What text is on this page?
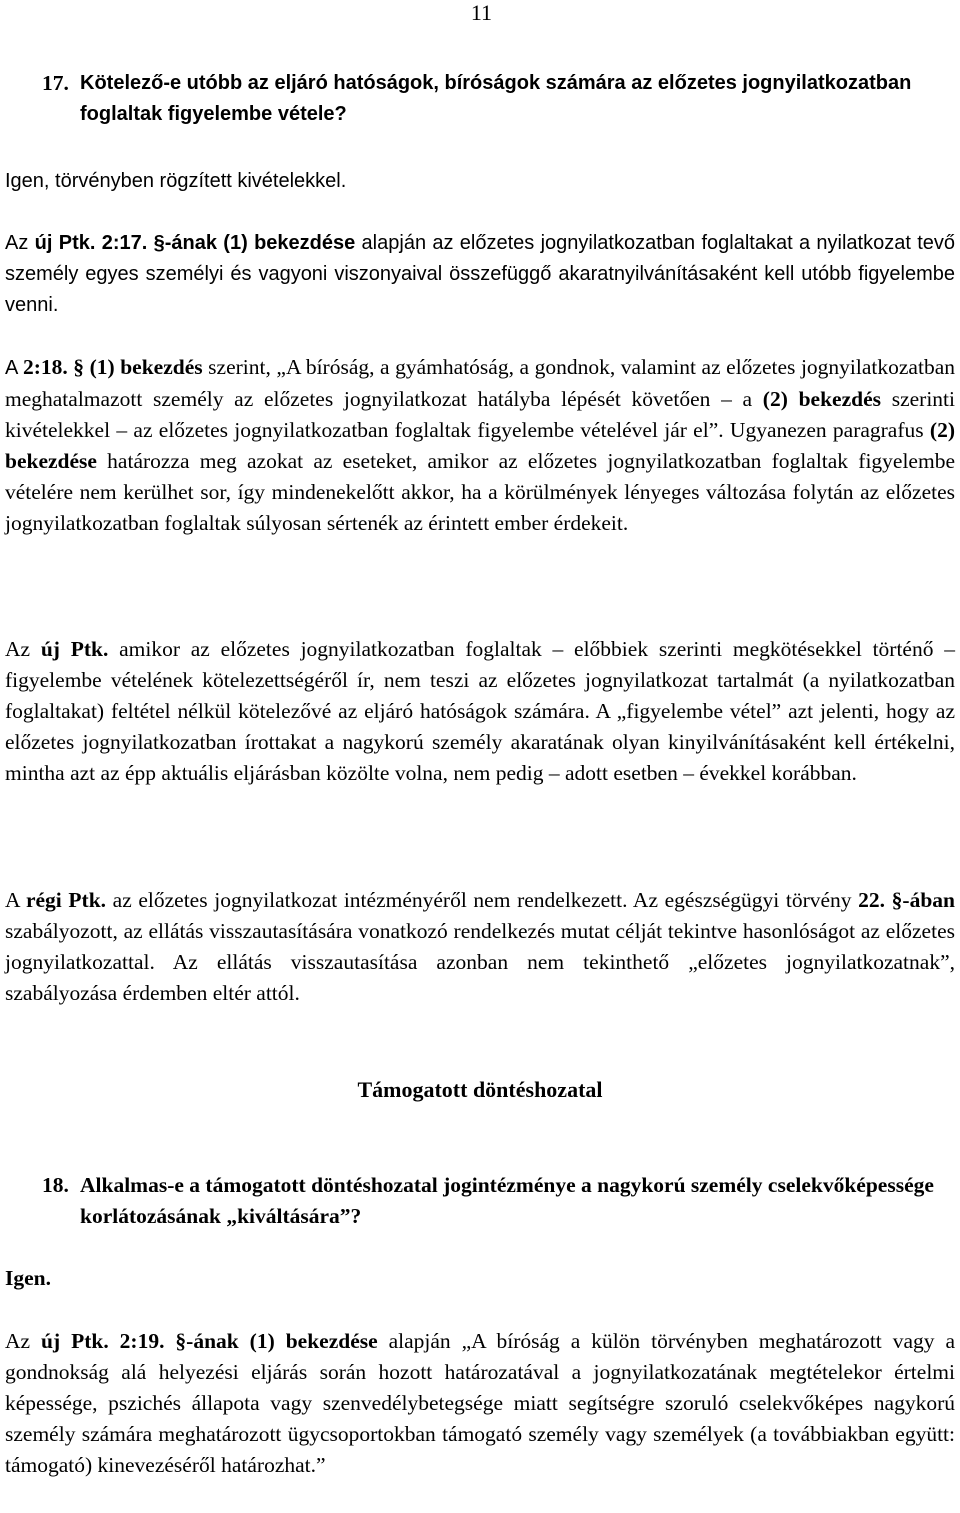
11
17. Kötelező-e utóbb az eljáró hatóságok, bíróságok számára az előzetes jognyilatkozatban foglaltak figyelembe vétele?

Igen, törvényben rögzített kivételekkel.

Az új Ptk. 2:17. §-ának (1) bekezdése alapján az előzetes jognyilatkozatban foglaltakat a nyilatkozat tevő személy egyes személyi és vagyoni viszonyaival összefüggő akaratnyilvánításaként kell utóbb figyelembe venni.

A 2:18. § (1) bekezdés szerint, „A bíróság, a gyámhatóság, a gondnok, valamint az előzetes jognyilatkozatban meghatalmazott személy az előzetes jognyilatkozat hatályba lépését követően – a (2) bekezdés szerinti kivételekkel – az előzetes jognyilatkozatban foglaltak figyelembe vételével jár el”. Ugyanezen paragrafus (2) bekezdése határozza meg azokat az eseteket, amikor az előzetes jognyilatkozatban foglaltak figyelembe vételére nem kerülhet sor, így mindenekelőtt akkor, ha a körülmények lényeges változása folytán az előzetes jognyilatkozatban foglaltak súlyosan sértenék az érintett ember érdekeit.

Az új Ptk. amikor az előzetes jognyilatkozatban foglaltak – előbbiek szerinti megkötésekkel történő – figyelembe vételének kötelezettségéről ír, nem teszi az előzetes jognyilatkozat tartalmát (a nyilatkozatban foglaltakat) feltétel nélkül kötelezővé az eljáró hatóságok számára. A „figyelembe vétel” azt jelenti, hogy az előzetes jognyilatkozatban írottakat a nagykorú személy akaratának olyan kinyilvánításaként kell értékelni, mintha azt az épp aktuális eljárásban közölte volna, nem pedig – adott esetben – évekkel korábban.

A régi Ptk. az előzetes jognyilatkozat intézményéről nem rendelkezett. Az egészségügyi törvény 22. §-ában szabályozott, az ellátás visszautasítására vonatkozó rendelkezés mutat célját tekintve hasonlóságot az előzetes jognyilatkozattal. Az ellátás visszautasítása azonban nem tekinthető „előzetes jognyilatkozatnak”, szabályozása érdemben eltér attól.

Támogatott döntéshozatal
18. Alkalmas-e a támogatott döntéshozatal jogintézménye a nagykorú személy cselekvőképessége korlátozásának „kiváltására”?

Igen.

Az új Ptk. 2:19. §-ának (1) bekezdése alapján „A bíróság a külön törvényben meghatározott vagy a gondnokság alá helyezési eljárás során hozott határozatával a jognyilatkozatának megtételekor értelmi képessége, pszichés állapota vagy szenvedélybetegsége miatt segítségre szoruló cselekvőképes nagykorú személy számára meghatározott ügycsoportokban támogató személy vagy személyek (a továbbiakban együtt: támogató) kinevezéséről határozhat.”
